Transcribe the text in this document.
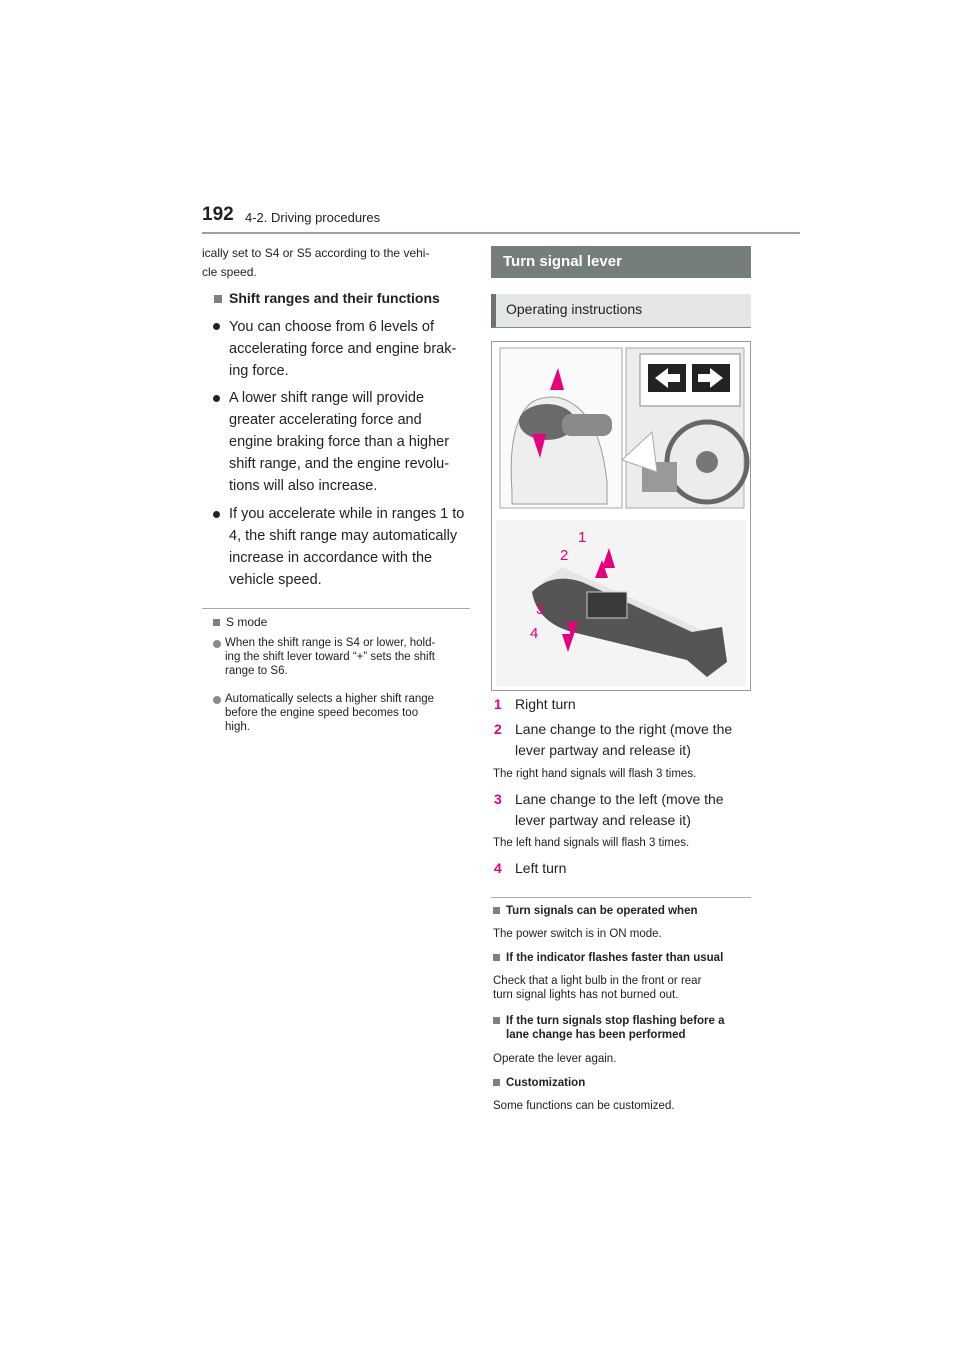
192 4-2. Driving procedures
ically set to S4 or S5 according to the vehi-
cle speed.
Shift ranges and their functions
You can choose from 6 levels of
accelerating force and engine brak-
ing force.
A lower shift range will provide
greater accelerating force and
engine braking force than a higher
shift range, and the engine revolu-
tions will also increase.
If you accelerate while in ranges 1 to
4, the shift range may automatically
increase in accordance with the
vehicle speed.
S mode
When the shift range is S4 or lower, hold-
ing the shift lever toward “+” sets the shift
range to S6.
Automatically selects a higher shift range
before the engine speed becomes too
high.
Turn signal lever
Operating instructions
1
2
3
4
1 Right turn
2 Lane change to the right (move the
lever partway and release it)
The right hand signals will flash 3 times.
3 Lane change to the left (move the
lever partway and release it)
The left hand signals will flash 3 times.
4 Left turn
Turn signals can be operated when
The power switch is in ON mode.
If the indicator flashes faster than usual
Check that a light bulb in the front or rear
turn signal lights has not burned out.
If the turn signals stop flashing before a
lane change has been performed
Operate the lever again.
Customization
Some functions can be customized.
